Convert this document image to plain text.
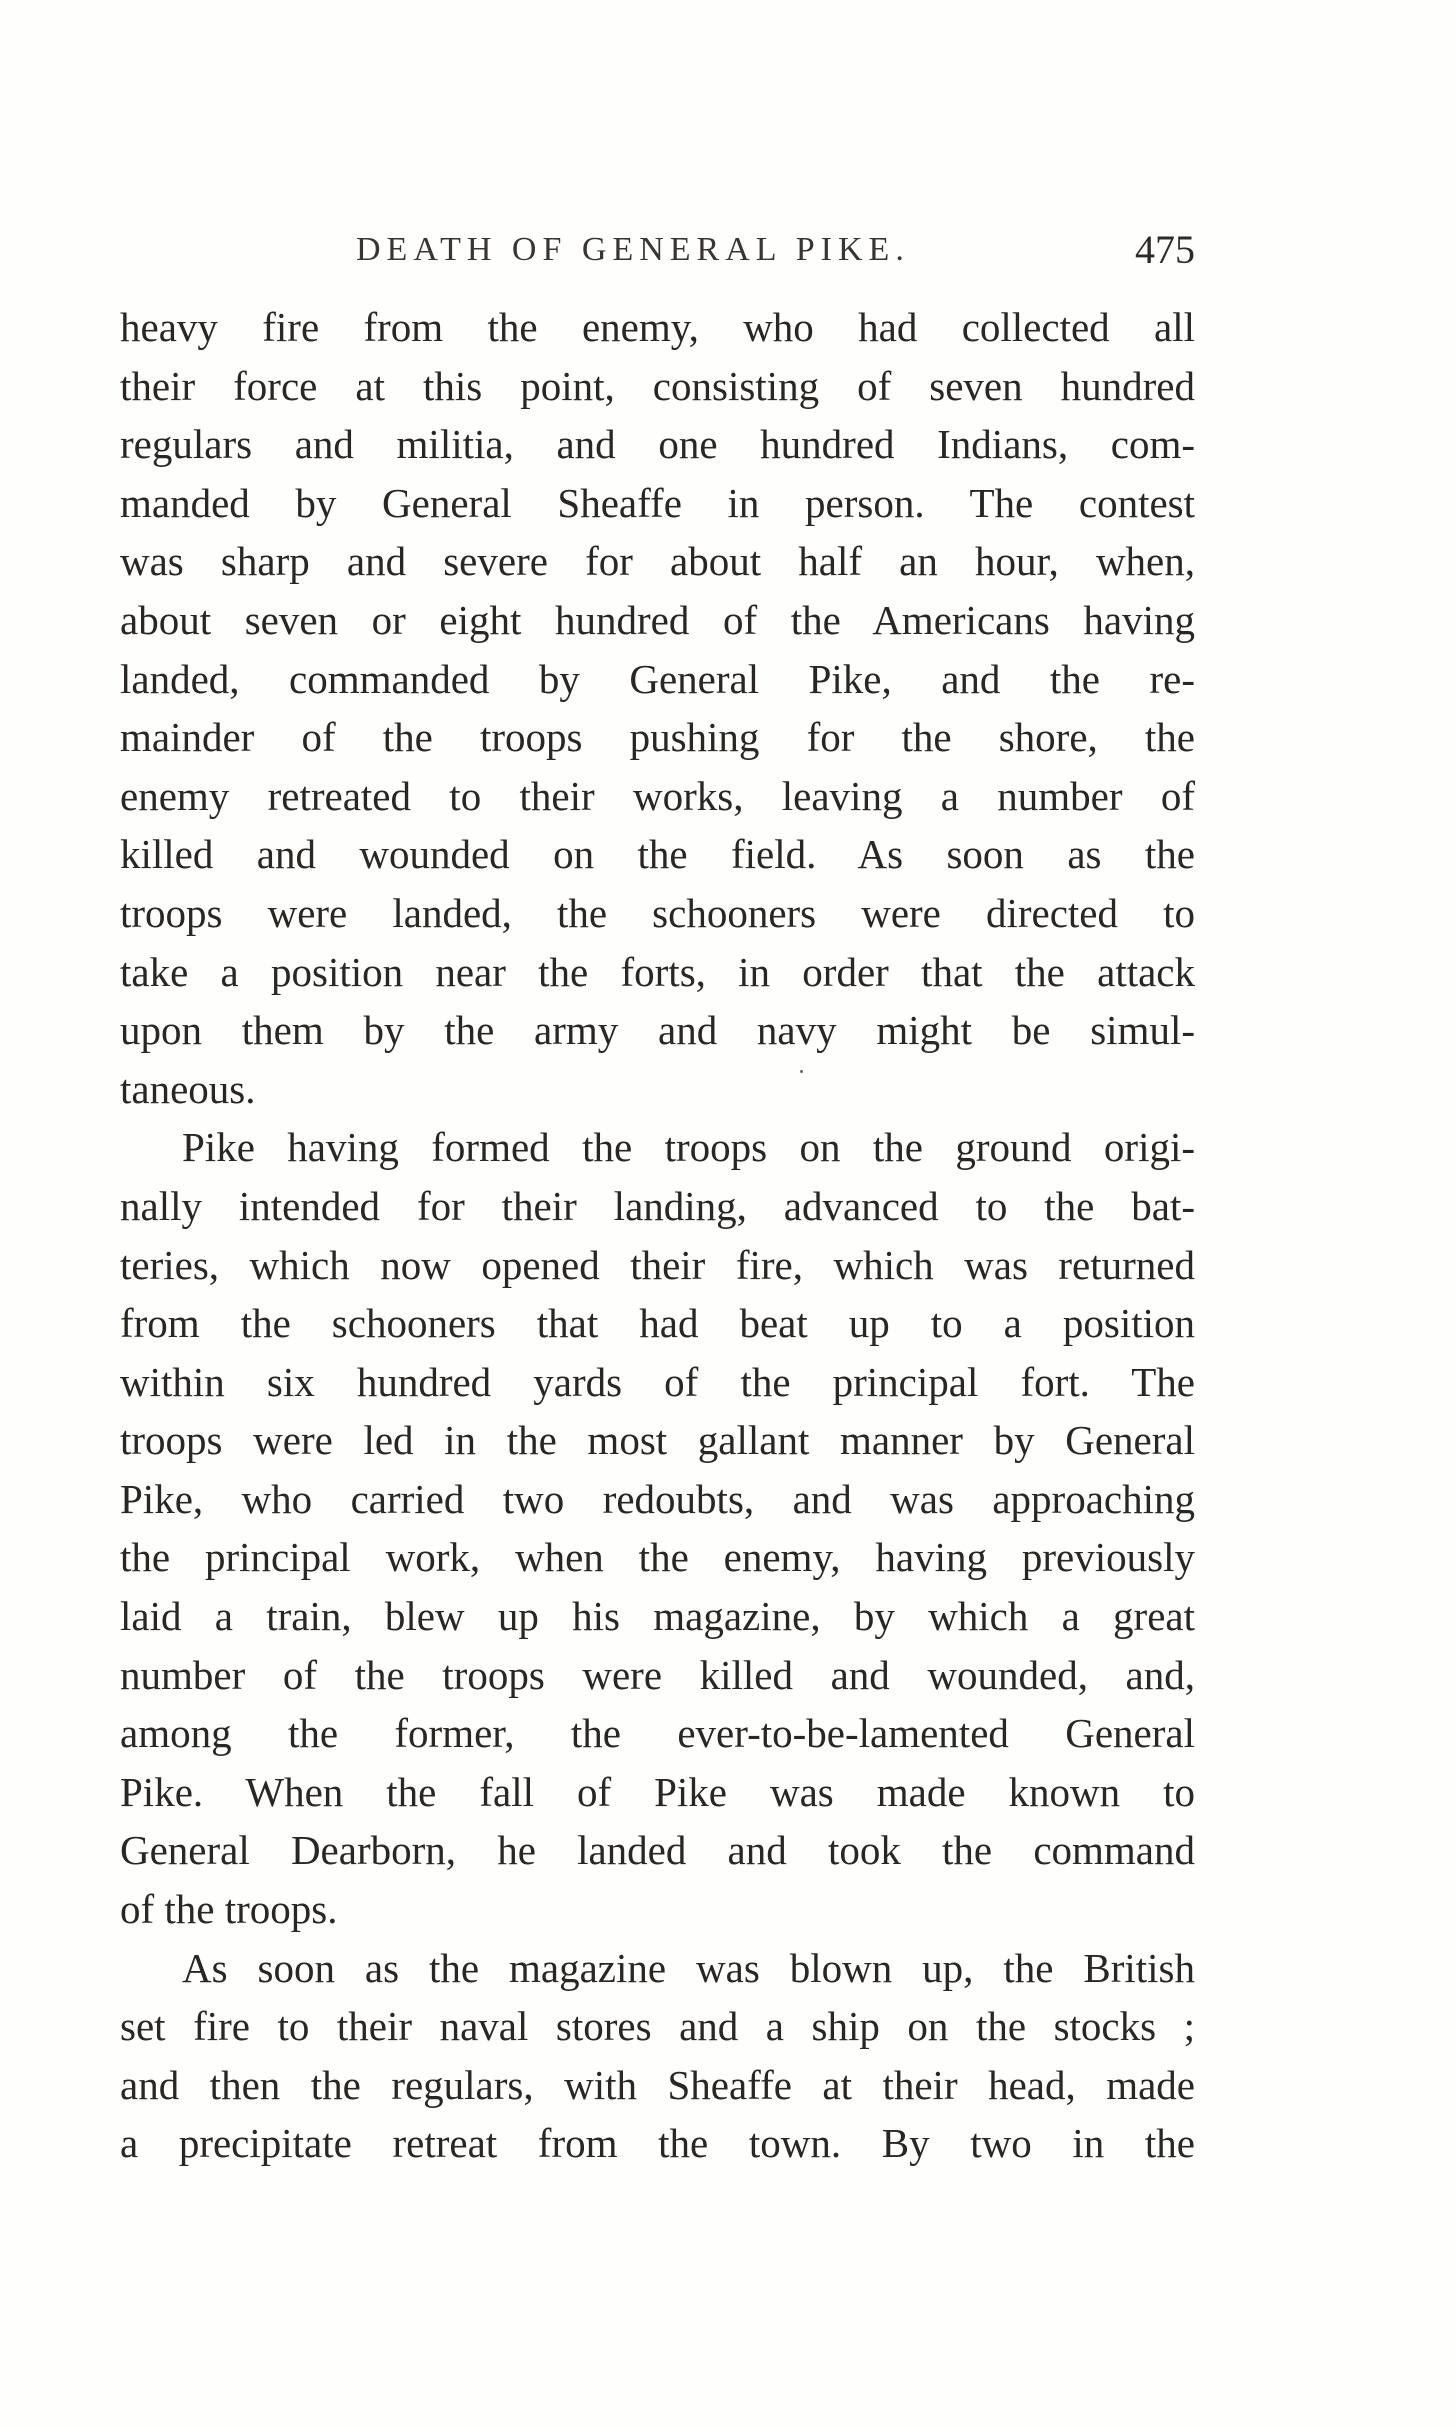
DEATH OF GENERAL PIKE.	475
heavy fire from the enemy, who had collected all
their force at this point, consisting of seven hundred
regulars and militia, and one hundred Indians, com-
manded by General Sheaffe in person. The contest
was sharp and severe for about half an hour, when,
about seven or eight hundred of the Americans having
landed, commanded by General Pike, and the re-
mainder of the troops pushing for the shore, the
enemy retreated to their works, leaving a number of
killed and wounded on the field. As soon as the
troops were landed, the schooners were directed to
take a position near the forts, in order that the attack
upon them by the army and navy might be simul-
taneous.
Pike having formed the troops on the ground origi-
nally intended for their landing, advanced to the bat-
teries, which now opened their fire, which was returned
from the schooners that had beat up to a position
within six hundred yards of the principal fort. The
troops were led in the most gallant manner by General
Pike, who carried two redoubts, and was approaching
the principal work, when the enemy, having previously
laid a train, blew up his magazine, by which a great
number of the troops were killed and wounded, and,
among the former, the ever-to-be-lamented General
Pike. When the fall of Pike was made known to
General Dearborn, he landed and took the command
of the troops.
As soon as the magazine was blown up, the British
set fire to their naval stores and a ship on the stocks ;
and then the regulars, with Sheaffe at their head, made
a precipitate retreat from the town. By two in the
